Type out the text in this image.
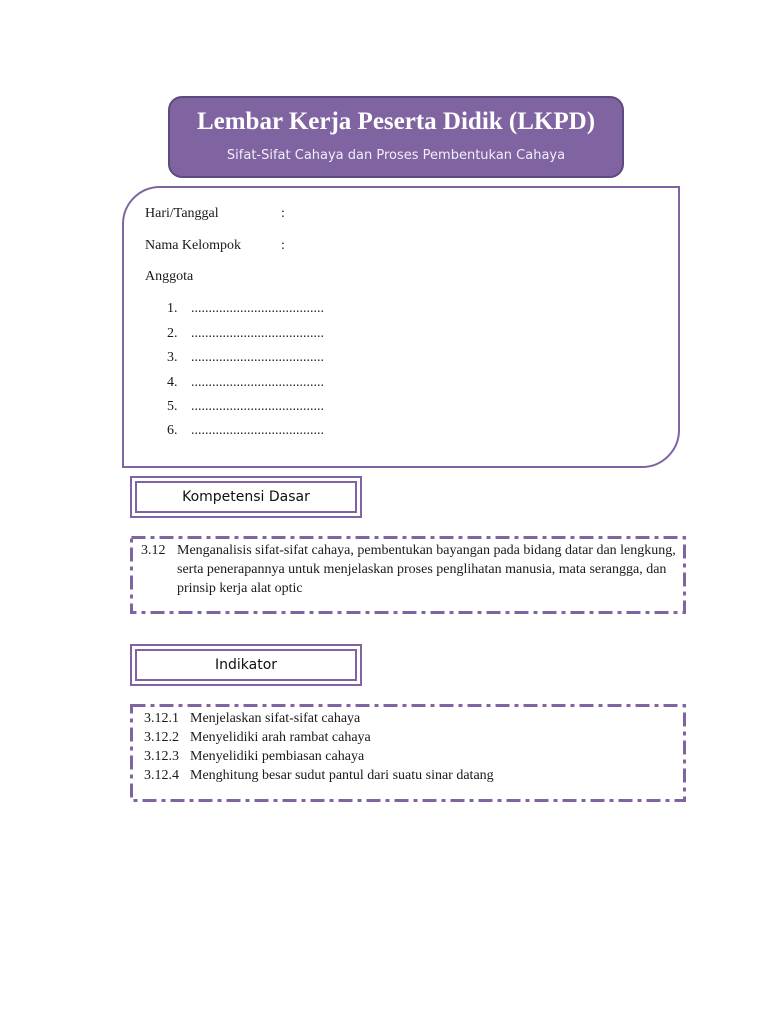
Lembar Kerja Peserta Didik (LKPD)
Sifat-Sifat Cahaya dan Proses Pembentukan Cahaya
Hari/Tanggal	:
Nama Kelompok	:
Anggota
1. ......................................
2. ......................................
3. ......................................
4. ......................................
5. ......................................
6. ......................................
Kompetensi Dasar
3.12 Menganalisis sifat-sifat cahaya, pembentukan bayangan pada bidang datar dan lengkung, serta penerapannya untuk menjelaskan proses penglihatan manusia, mata serangga, dan prinsip kerja alat optic
Indikator
3.12.1 Menjelaskan sifat-sifat cahaya
3.12.2 Menyelidiki arah rambat cahaya
3.12.3 Menyelidiki pembiasan cahaya
3.12.4 Menghitung besar sudut pantul dari suatu sinar datang
